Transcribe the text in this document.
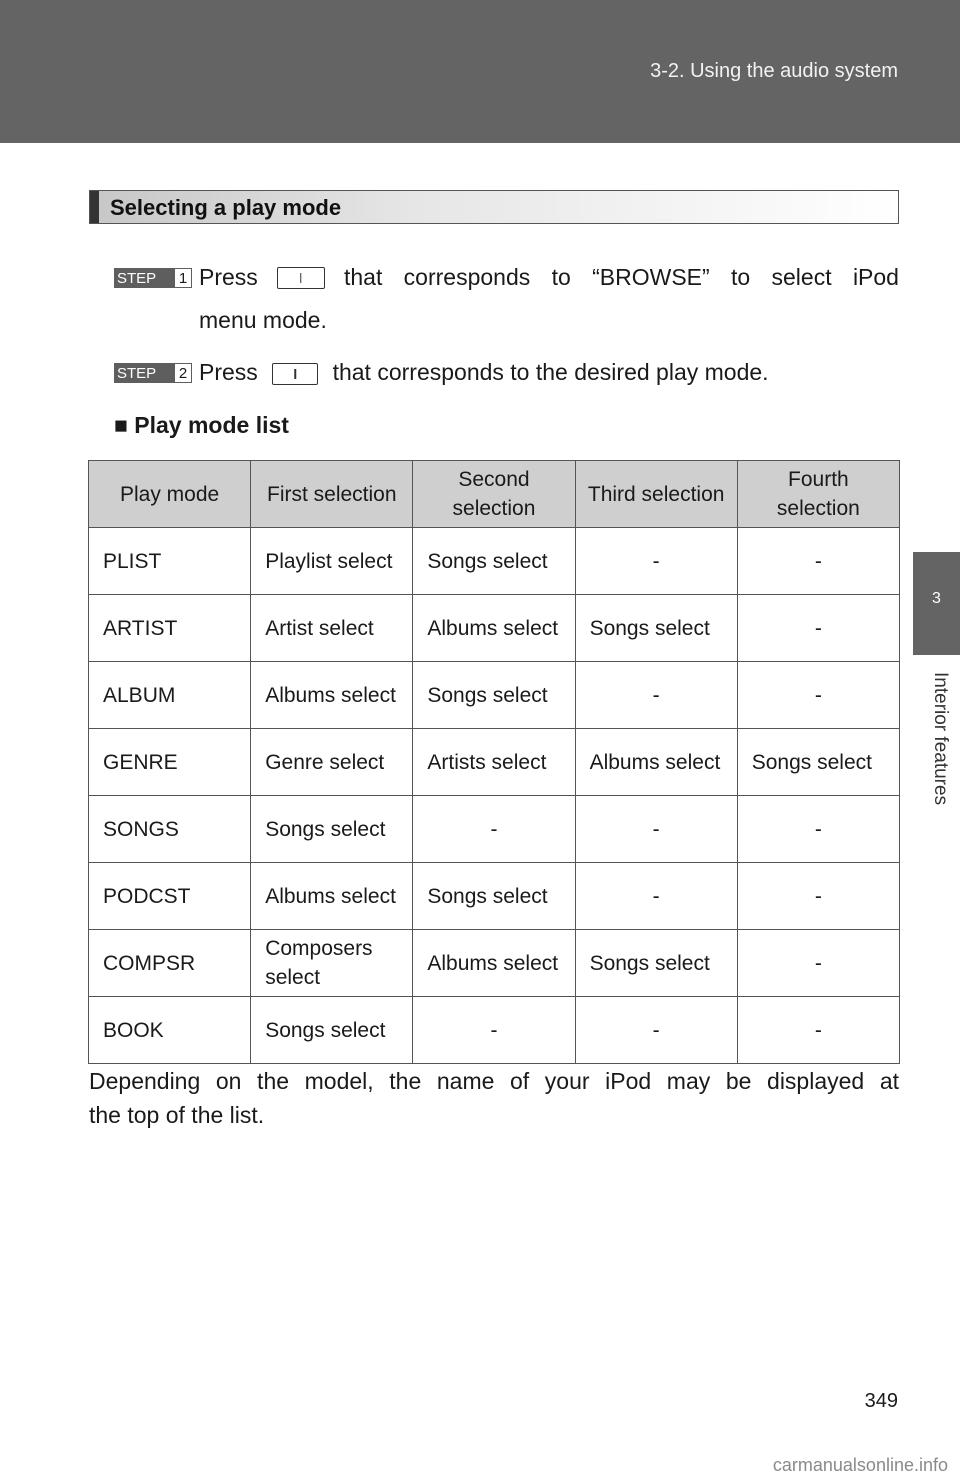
3-2. Using the audio system
3
Interior features
Selecting a play mode
STEP	1 Press	that corresponds to “BROWSE” to select iPod
menu mode.
STEP	2 Press	that corresponds to the desired play mode.
■ Play mode list
Play mode	First selection	Second selection	Third selection	Fourth selection
PLIST	Playlist select	Songs select	-	-
ARTIST	Artist select	Albums select	Songs select	-
ALBUM	Albums select	Songs select	-	-
GENRE	Genre select	Artists select	Albums select	Songs select
SONGS	Songs select	-	-	-
PODCST	Albums select	Songs select	-	-
COMPSR	Composers select	Albums select	Songs select	-
BOOK	Songs select	-	-	-
Depending on the model, the name of your iPod may be displayed at
the top of the list.
349
carmanualsonline.info
